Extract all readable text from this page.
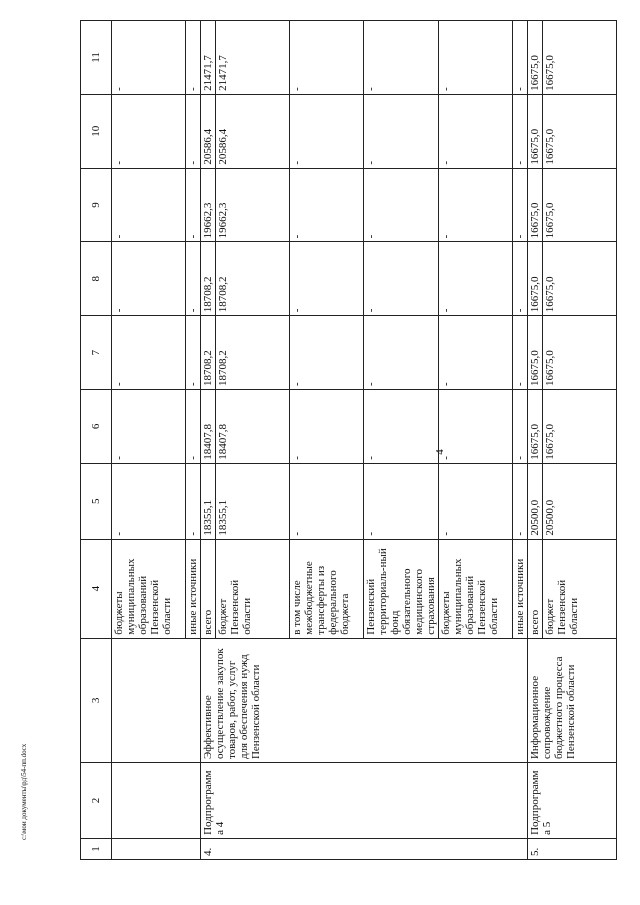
4
c:\мои документы\рд\54-пп.docx
1	2	3	4	5	6	7	8	9	10	11
			бюджеты муниципальных образований Пензенской области	-	-	-	-	-	-	-
			иные источники	-	-	-	-	-	-	-
4.	Подпрограмма 4	Эффективное осуществление закупок товаров, работ, услуг для обеспечения нужд Пензенской области	всего	18355,1	18407,8	18708,2	18708,2	19662,3	20586,4	21471,7
			бюджет Пензенской области	18355,1	18407,8	18708,2	18708,2	19662,3	20586,4	21471,7
			в том числе межбюджетные трансферты из федерального бюджета	-	-	-	-	-	-	-
			Пензенский территориаль-ный фонд обязательного медицинского страхования	-	-	-	-	-	-	-
			бюджеты муниципальных образований Пензенской области	-	-	-	-	-	-	-
			иные источники	-	-	-	-	-	-	-
5.	Подпрограмма 5	Информационное сопровождение бюджетного процесса Пензенской области	всего	20500,0	16675,0	16675,0	16675,0	16675,0	16675,0	16675,0
			бюджет Пензенской области	20500,0	16675,0	16675,0	16675,0	16675,0	16675,0	16675,0
